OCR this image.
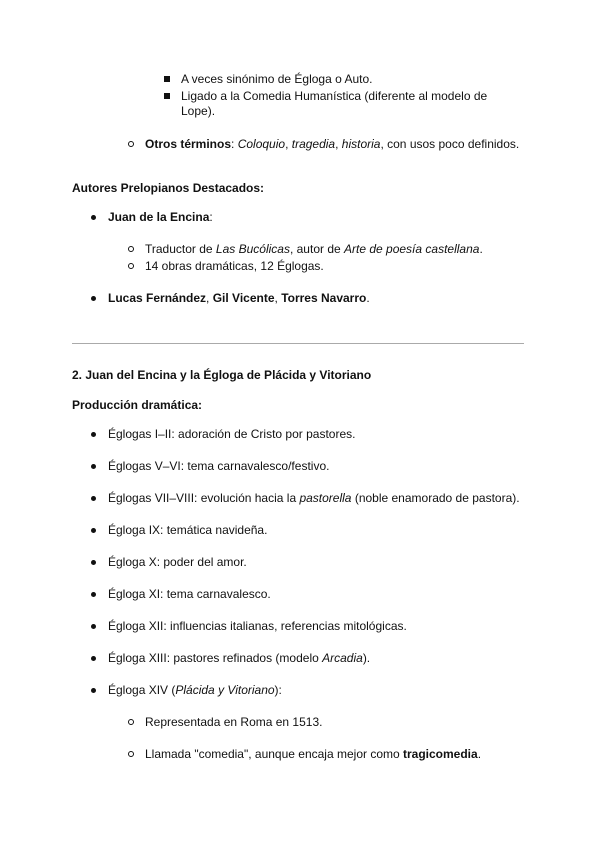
A veces sinónimo de Égloga o Auto.
Ligado a la Comedia Humanística (diferente al modelo de
Lope).
Otros términos: Coloquio, tragedia, historia, con usos poco definidos.
Autores Prelopianos Destacados:
Juan de la Encina:
Traductor de Las Bucólicas, autor de Arte de poesía castellana.
14 obras dramáticas, 12 Églogas.
Lucas Fernández, Gil Vicente, Torres Navarro.
2. Juan del Encina y la Égloga de Plácida y Vitoriano
Producción dramática:
Églogas I–II: adoración de Cristo por pastores.
Églogas V–VI: tema carnavalesco/festivo.
Églogas VII–VIII: evolución hacia la pastorella (noble enamorado de pastora).
Égloga IX: temática navideña.
Égloga X: poder del amor.
Égloga XI: tema carnavalesco.
Égloga XII: influencias italianas, referencias mitológicas.
Égloga XIII: pastores refinados (modelo Arcadia).
Égloga XIV (Plácida y Vitoriano):
Representada en Roma en 1513.
Llamada "comedia", aunque encaja mejor como tragicomedia.
